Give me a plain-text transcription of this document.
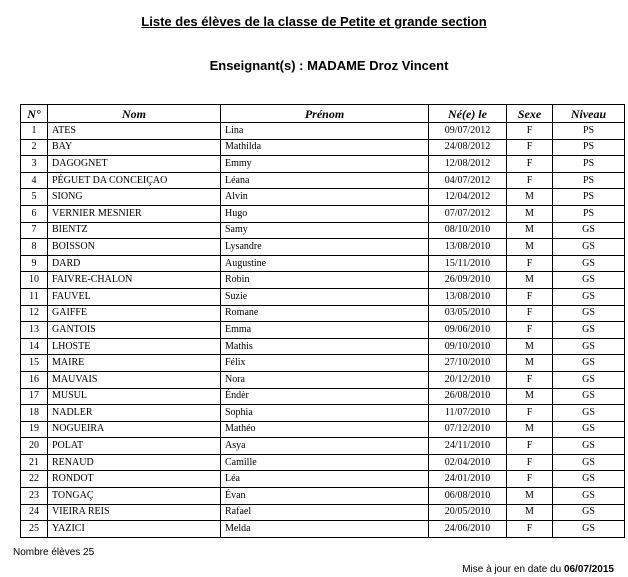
Liste des élèves de la classe de Petite et grande section
Enseignant(s) : MADAME Droz Vincent
N°	Nom	Prénom	Né(e) le	Sexe	Niveau
1	ATES	Lina	09/07/2012	F	PS
2	BAY	Mathilda	24/08/2012	F	PS
3	DAGOGNET	Emmy	12/08/2012	F	PS
4	PÉGUET DA CONCEIÇAO	Léana	04/07/2012	F	PS
5	SIONG	Alvin	12/04/2012	M	PS
6	VERNIER MESNIER	Hugo	07/07/2012	M	PS
7	BIENTZ	Samy	08/10/2010	M	GS
8	BOISSON	Lysandre	13/08/2010	M	GS
9	DARD	Augustine	15/11/2010	F	GS
10	FAIVRE-CHALON	Robin	26/09/2010	M	GS
11	FAUVEL	Suzie	13/08/2010	F	GS
12	GAIFFE	Romane	03/05/2010	F	GS
13	GANTOIS	Emma	09/06/2010	F	GS
14	LHOSTE	Mathis	09/10/2010	M	GS
15	MAIRE	Félix	27/10/2010	M	GS
16	MAUVAIS	Nora	20/12/2010	F	GS
17	MUSUL	Éndèr	26/08/2010	M	GS
18	NADLER	Sophia	11/07/2010	F	GS
19	NOGUEIRA	Mathéo	07/12/2010	M	GS
20	POLAT	Asya	24/11/2010	F	GS
21	RENAUD	Camille	02/04/2010	F	GS
22	RONDOT	Léa	24/01/2010	F	GS
23	TONGAÇ	Évan	06/08/2010	M	GS
24	VIEIRA REIS	Rafael	20/05/2010	M	GS
25	YAZICI	Melda	24/06/2010	F	GS
Nombre élèves 25
Mise à jour en date du 06/07/2015
